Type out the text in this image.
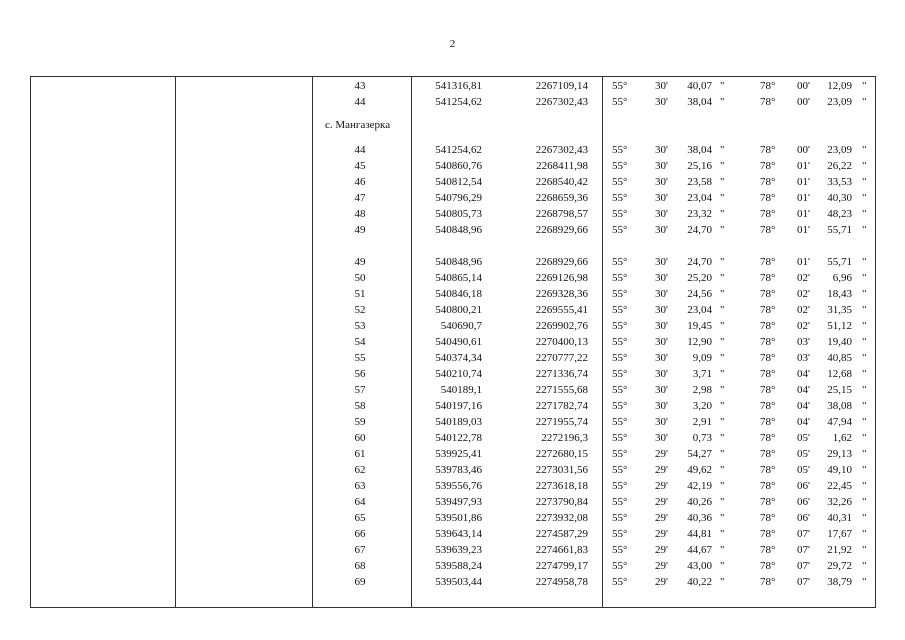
2
с. Мангазерка
43	541316,81	2267109,14 55°	30'	40,07 "	78°	00'	12,09 "
44	541254,62	2267302,43 55°	30'	38,04 "	78°	00'	23,09 "
44	541254,62	2267302,43 55°	30'	38,04 "	78°	00'	23,09 "
45	540860,76	2268411,98 55°	30'	25,16 "	78°	01'	26,22 "
46	540812,54	2268540,42 55°	30'	23,58 "	78°	01'	33,53 "
47	540796,29	2268659,36 55°	30'	23,04 "	78°	01'	40,30 "
48	540805,73	2268798,57 55°	30'	23,32 "	78°	01'	48,23 "
49	540848,96	2268929,66 55°	30'	24,70 "	78°	01'	55,71 "
49	540848,96	2268929,66 55°	30'	24,70 "	78°	01'	55,71 "
50	540865,14	2269126,98 55°	30'	25,20 "	78°	02'	6,96 "
51	540846,18	2269328,36 55°	30'	24,56 "	78°	02'	18,43 "
52	540800,21	2269555,41 55°	30'	23,04 "	78°	02'	31,35 "
53	540690,7	2269902,76 55°	30'	19,45 "	78°	02'	51,12 "
54	540490,61	2270400,13 55°	30'	12,90 "	78°	03'	19,40 "
55	540374,34	2270777,22 55°	30'	9,09 "	78°	03'	40,85 "
56	540210,74	2271336,74 55°	30'	3,71 "	78°	04'	12,68 "
57	540189,1	2271555,68 55°	30'	2,98 "	78°	04'	25,15 "
58	540197,16	2271782,74 55°	30'	3,20 "	78°	04'	38,08 "
59	540189,03	2271955,74 55°	30'	2,91 "	78°	04'	47,94 "
60	540122,78	2272196,3 55°	30'	0,73 "	78°	05'	1,62 "
61	539925,41	2272680,15 55°	29'	54,27 "	78°	05'	29,13 "
62	539783,46	2273031,56 55°	29'	49,62 "	78°	05'	49,10 "
63	539556,76	2273618,18 55°	29'	42,19 "	78°	06'	22,45 "
64	539497,93	2273790,84 55°	29'	40,26 "	78°	06'	32,26 "
65	539501,86	2273932,08 55°	29'	40,36 "	78°	06'	40,31 "
66	539643,14	2274587,29 55°	29'	44,81 "	78°	07'	17,67 "
67	539639,23	2274661,83 55°	29'	44,67 "	78°	07'	21,92 "
68	539588,24	2274799,17 55°	29'	43,00 "	78°	07'	29,72 "
69	539503,44	2274958,78 55°	29'	40,22 "	78°	07'	38,79 "
